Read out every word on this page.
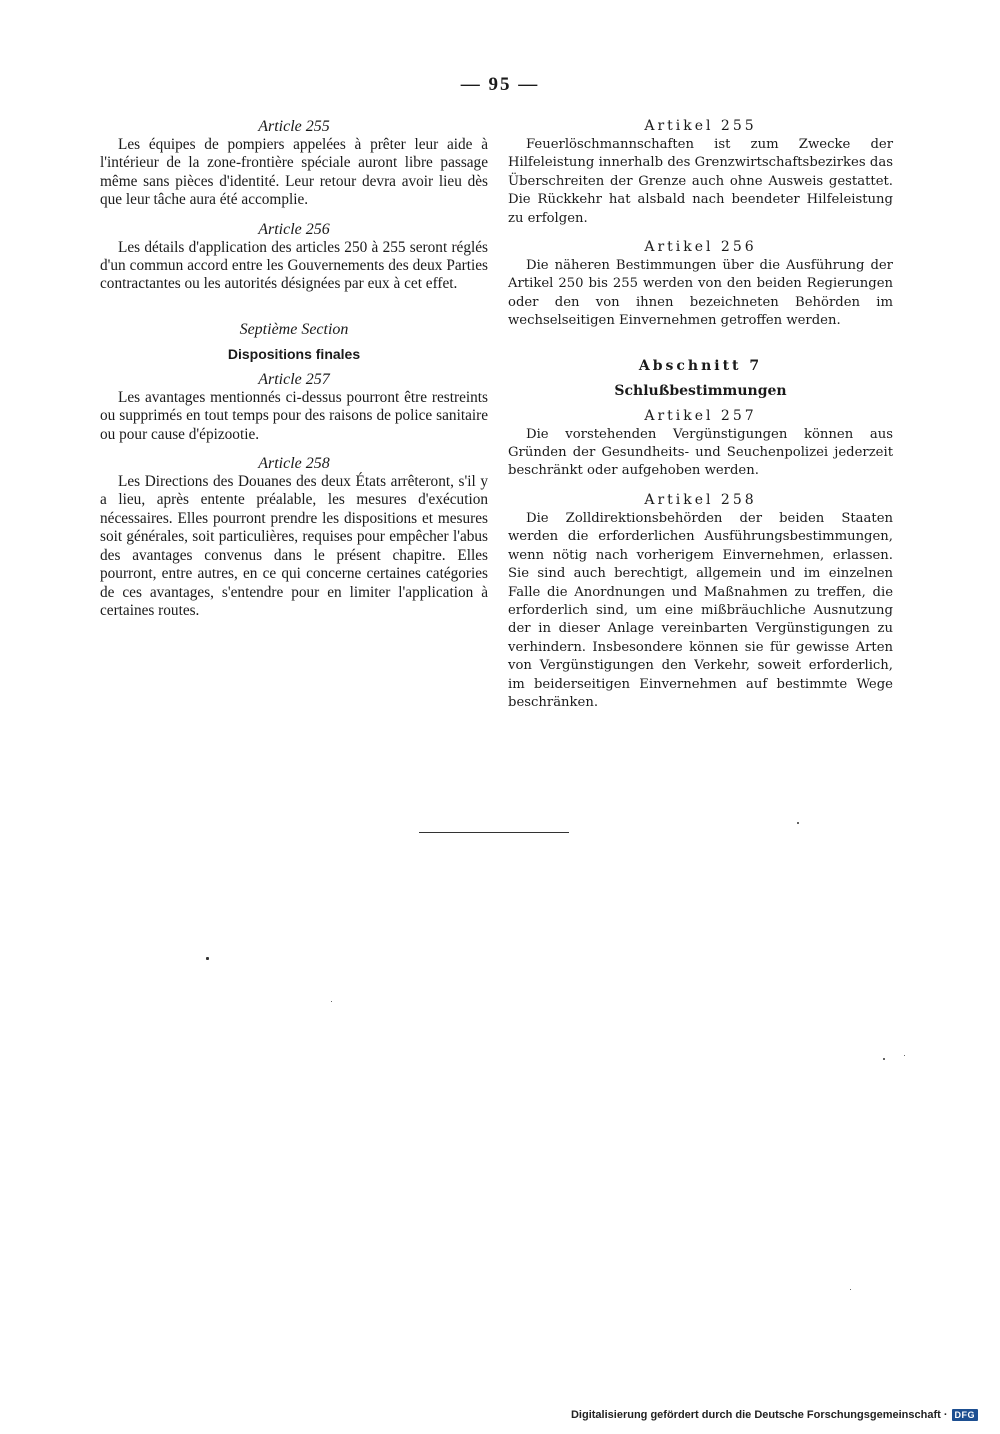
— 95 —

Article 255

Les équipes de pompiers appelées à prêter leur aide à l'intérieur de la zone-frontière spéciale auront libre passage même sans pièces d'identité. Leur retour devra avoir lieu dès que leur tâche aura été accomplie.

Article 256

Les détails d'application des articles 250 à 255 seront réglés d'un commun accord entre les Gouvernements des deux Parties contractantes ou les autorités désignées par eux à cet effet.

Septième Section

Dispositions finales

Article 257

Les avantages mentionnés ci-dessus pourront être restreints ou supprimés en tout temps pour des raisons de police sanitaire ou pour cause d'épizootie.

Article 258

Les Directions des Douanes des deux États arrêteront, s'il y a lieu, après entente préalable, les mesures d'exécution nécessaires. Elles pourront prendre les dispositions et mesures soit générales, soit particulières, requises pour empêcher l'abus des avantages convenus dans le présent chapitre. Elles pourront, entre autres, en ce qui concerne certaines catégories de ces avantages, s'entendre pour en limiter l'application à certaines routes.

Artikel 255

Feuerlöschmannschaften ist zum Zwecke der Hilfeleistung innerhalb des Grenzwirtschaftsbezirkes das Überschreiten der Grenze auch ohne Ausweis gestattet. Die Rückkehr hat alsbald nach beendeter Hilfeleistung zu erfolgen.

Artikel 256

Die näheren Bestimmungen über die Ausführung der Artikel 250 bis 255 werden von den beiden Regierungen oder den von ihnen bezeichneten Behörden im wechselseitigen Einvernehmen getroffen werden.

Abschnitt 7

Schlußbestimmungen

Artikel 257

Die vorstehenden Vergünstigungen können aus Gründen der Gesundheits- und Seuchenpolizei jederzeit beschränkt oder aufgehoben werden.

Artikel 258

Die Zolldirektionsbehörden der beiden Staaten werden die erforderlichen Ausführungsbestimmungen, wenn nötig nach vorherigem Einvernehmen, erlassen. Sie sind auch berechtigt, allgemein und im einzelnen Falle die Anordnungen und Maßnahmen zu treffen, die erforderlich sind, um eine mißbräuchliche Ausnutzung der in dieser Anlage vereinbarten Vergünstigungen zu verhindern. Insbesondere können sie für gewisse Arten von Vergünstigungen den Verkehr, soweit erforderlich, im beiderseitigen Einvernehmen auf bestimmte Wege beschränken.

Digitalisierung gefördert durch die Deutsche Forschungsgemeinschaft · DFG
